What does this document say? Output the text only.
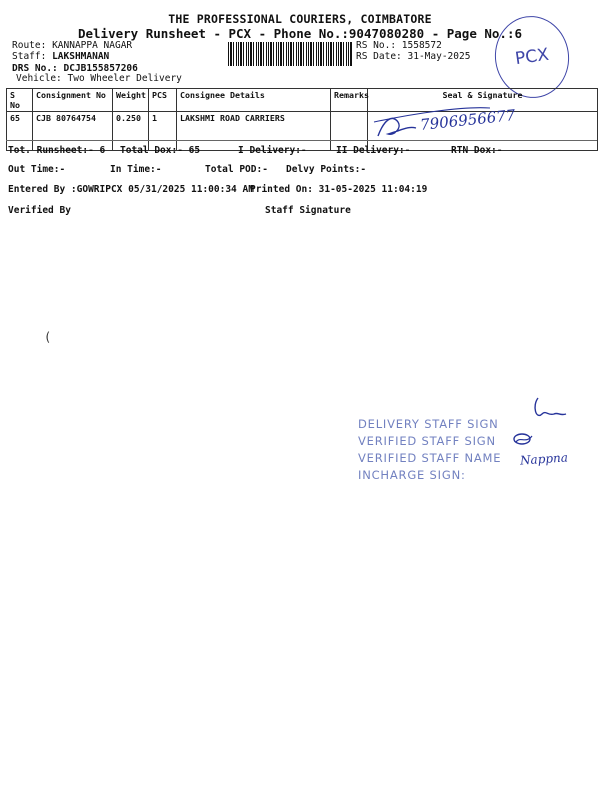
THE PROFESSIONAL COURIERS, COIMBATORE
Delivery Runsheet - PCX - Phone No.:9047080280 - Page No.:6
Route: KANNAPPA NAGAR
Staff: LAKSHMANAN
DRS No.: DCJB155857206
Vehicle: Two Wheeler Delivery
RS No.: 1558572
RS Date: 31-May-2025	PCX
S No	Consignment No	Weight	PCS	Consignee Details	Remarks	Seal & Signature
65	CJB 80764754	0.250	1	LAKSHMI ROAD CARRIERS			7906956677
Tot. Runsheet:- 6 Total Dox:- 65	I Delivery:-	II Delivery:-	RTN Dox:-
Out Time:-	In Time:-	Total POD:- Delvy Points:-
Entered By :GOWRIPCX 05/31/2025 11:00:34 AM
Printed On: 31-05-2025 11:04:19
Verified By	Staff Signature
(
DELIVERY STAFF SIGN
VERIFIED STAFF SIGN
VERIFIED STAFF NAME
INCHARGE SIGN:
Nappna
